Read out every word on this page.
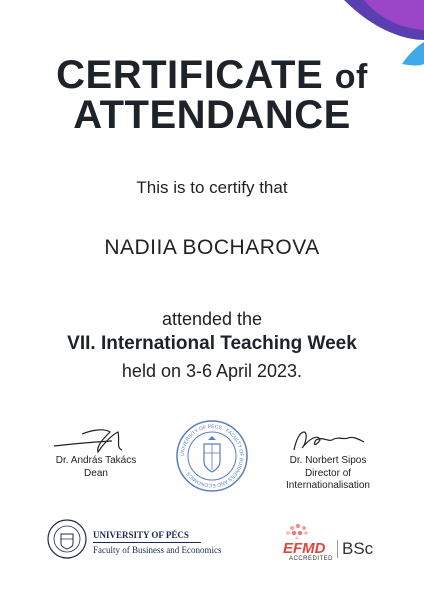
CERTIFICATE of
ATTENDANCE
This is to certify that
NADIIA BOCHAROVA
attended the
VII. International Teaching Week
held on 3-6 April 2023.
Dr. András Takács
Dean
UNIVERSITY OF PÉCS · FACULTY OF BUSINESS AND ECONOMICS ·
Dr. Norbert Sipos
Director of
Internationalisation
UNIVERSITY OF PÉCS
Faculty of Business and Economics	EFMD
ACCREDITED
BSc
